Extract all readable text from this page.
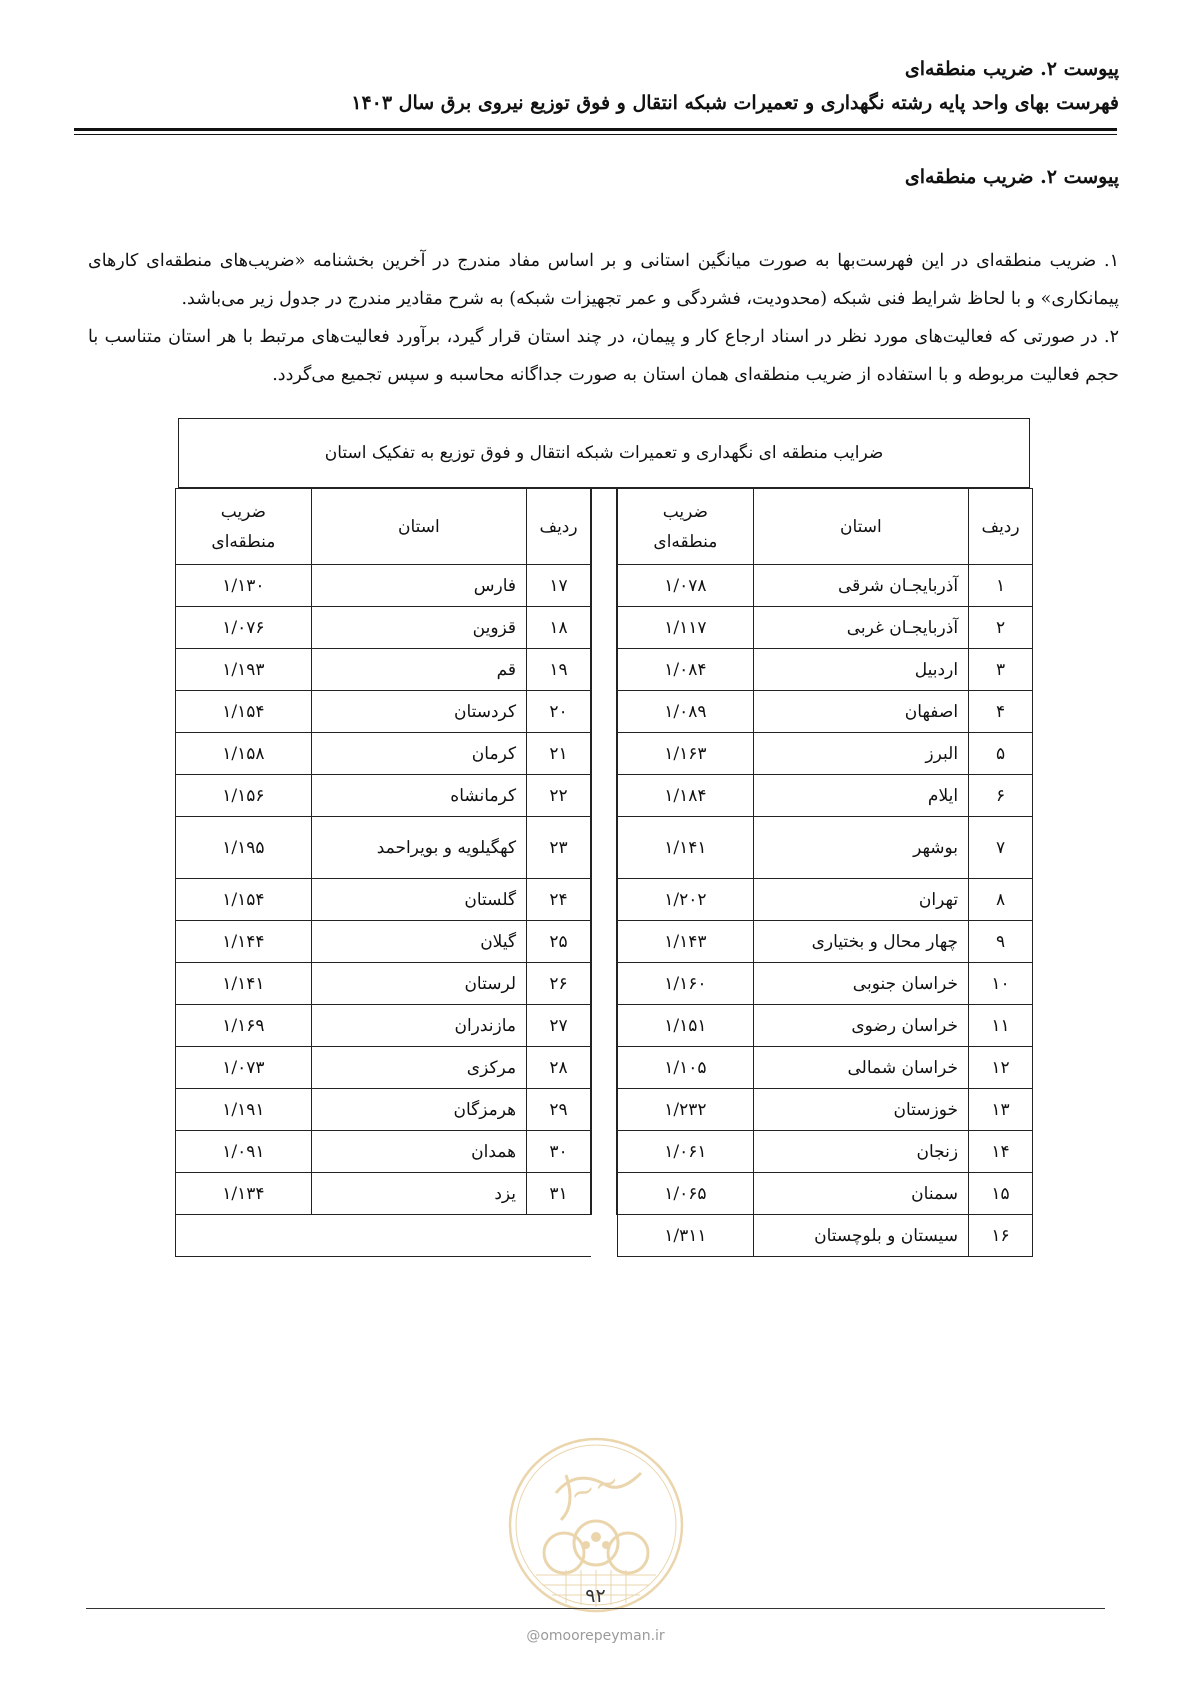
پیوست ۲. ضریب منطقه‌ای
فهرست بهای واحد پایه رشته نگهداری و تعمیرات شبکه انتقال و فوق توزیع نیروی برق سال ۱۴۰۳
پیوست ۲. ضریب منطقه‌ای

۱. ضریب منطقه‌ای در این فهرست‌بها به صورت میانگین استانی و بر اساس مفاد مندرج در آخرین بخشنامه «ضریب‌های منطقه‌ای کارهای پیمانکاری» و با لحاظ شرایط فنی شبکه (محدودیت، فشردگی و عمر تجهیزات شبکه) به شرح مقادیر مندرج در جدول زیر می‌باشد.

۲. در صورتی که فعالیت‌های مورد نظر در اسناد ارجاع کار و پیمان، در چند استان قرار گیرد، برآورد فعالیت‌های مرتبط با هر استان متناسب با حجم فعالیت مربوطه و با استفاده از ضریب منطقه‌ای همان استان به صورت جداگانه محاسبه و سپس تجمیع می‌گردد.

ضرایب منطقه ای نگهداری و تعمیرات شبکه انتقال و فوق توزیع به تفکیک استان
ردیف	استان	ضریب
منطقه‌ای
۱	آذربایجـان شرقی	۱/۰۷۸
۲	آذربایجـان غربی	۱/۱۱۷
۳	اردبیل	۱/۰۸۴
۴	اصفهان	۱/۰۸۹
۵	البرز	۱/۱۶۳
۶	ایلام	۱/۱۸۴
۷	بوشهر	۱/۱۴۱
۸	تهران	۱/۲۰۲
۹	چهار محال و بختیاری	۱/۱۴۳
۱۰	خراسان جنوبی	۱/۱۶۰
۱۱	خراسان رضوی	۱/۱۵۱
۱۲	خراسان شمالی	۱/۱۰۵
۱۳	خوزستان	۱/۲۳۲
۱۴	زنجان	۱/۰۶۱
۱۵	سمنان	۱/۰۶۵
۱۶	سیستان و بلوچستان	۱/۳۱۱
ردیف	استان	ضریب
منطقه‌ای
۱۷	فارس	۱/۱۳۰
۱۸	قزوین	۱/۰۷۶
۱۹	قم	۱/۱۹۳
۲۰	کردستان	۱/۱۵۴
۲۱	کرمان	۱/۱۵۸
۲۲	کرمانشاه	۱/۱۵۶
۲۳	کهگیلویه و بویراحمد	۱/۱۹۵
۲۴	گلستان	۱/۱۵۴
۲۵	گیلان	۱/۱۴۴
۲۶	لرستان	۱/۱۴۱
۲۷	مازندران	۱/۱۶۹
۲۸	مرکزی	۱/۰۷۳
۲۹	هرمزگان	۱/۱۹۱
۳۰	همدان	۱/۰۹۱
۳۱	یزد	۱/۱۳۴

~~
۹۲
@omoorepeyman.ir
